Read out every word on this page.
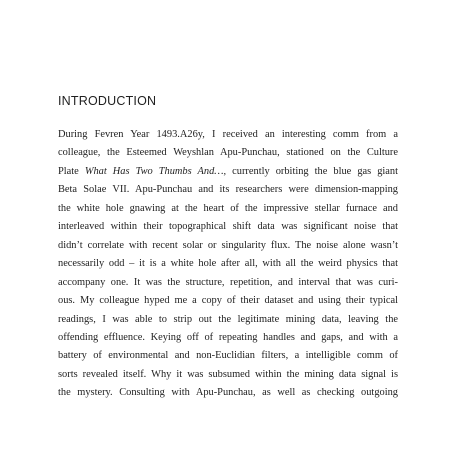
INTRODUCTION
During Fevren Year 1493.A26y, I received an interesting comm from a
colleague, the Esteemed Weyshlan Apu-Punchau, stationed on the Culture
Plate What Has Two Thumbs And…, currently orbiting the blue gas giant
Beta Solae VII. Apu-Punchau and its researchers were dimension-mapping
the white hole gnawing at the heart of the impressive stellar furnace and
interleaved within their topographical shift data was significant noise that
didn’t correlate with recent solar or singularity flux. The noise alone wasn’t
necessarily odd – it is a white hole after all, with all the weird physics that
accompany one. It was the structure, repetition, and interval that was curi-
ous. My colleague hyped me a copy of their dataset and using their typical
readings, I was able to strip out the legitimate mining data, leaving the
offending effluence. Keying off of repeating handles and gaps, and with a
battery of environmental and non-Euclidian filters, a intelligible comm of
sorts revealed itself. Why it was subsumed within the mining data signal is
the mystery. Consulting with Apu-Punchau, as well as checking outgoing
